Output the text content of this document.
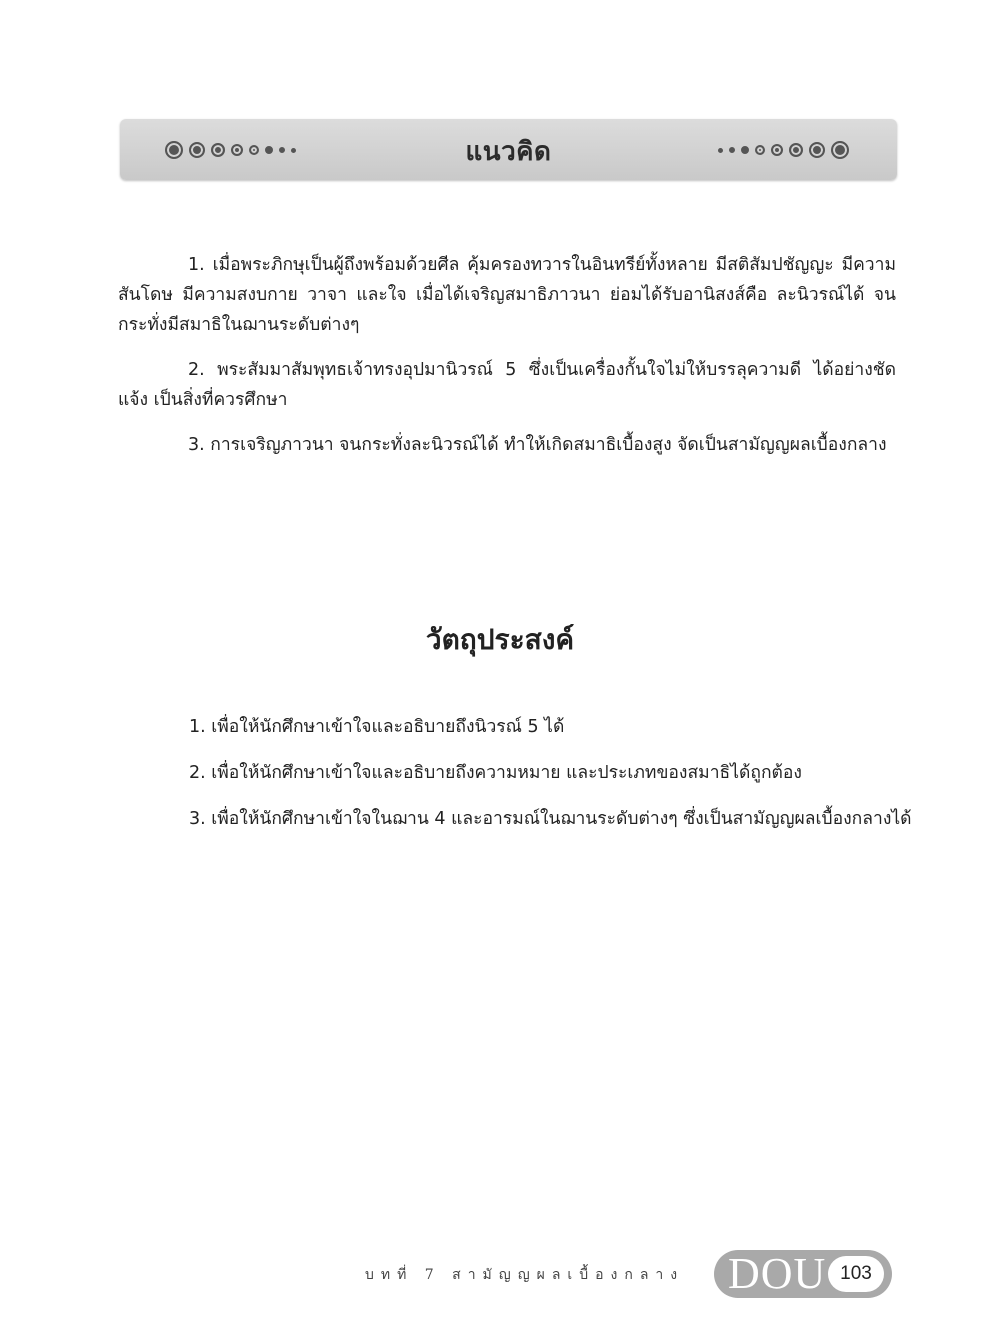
แนวคิด

1. เมื่อพระภิกษุเป็นผู้ถึงพร้อมด้วยศีล คุ้มครองทวารในอินทรีย์ทั้งหลาย มีสติสัมปชัญญะ มีความสันโดษ มีความสงบกาย วาจา และใจ เมื่อได้เจริญสมาธิภาวนา ย่อมได้รับอานิสงส์คือ ละนิวรณ์ได้ จนกระทั่งมีสมาธิในฌานระดับต่างๆ

2. พระสัมมาสัมพุทธเจ้าทรงอุปมานิวรณ์ 5 ซึ่งเป็นเครื่องกั้นใจไม่ให้บรรลุความดี ได้อย่างชัดแจ้ง เป็นสิ่งที่ควรศึกษา

3. การเจริญภาวนา จนกระทั่งละนิวรณ์ได้ ทำให้เกิดสมาธิเบื้องสูง จัดเป็นสามัญญผลเบื้องกลาง

วัตถุประสงค์
1. เพื่อให้นักศึกษาเข้าใจและอธิบายถึงนิวรณ์ 5 ได้
2. เพื่อให้นักศึกษาเข้าใจและอธิบายถึงความหมาย และประเภทของสมาธิได้ถูกต้อง
3. เพื่อให้นักศึกษาเข้าใจในฌาน 4 และอารมณ์ในฌานระดับต่างๆ ซึ่งเป็นสามัญญผลเบื้องกลางได้
บทที่ 7 สามัญญผลเบื้องกลาง DOU 103
